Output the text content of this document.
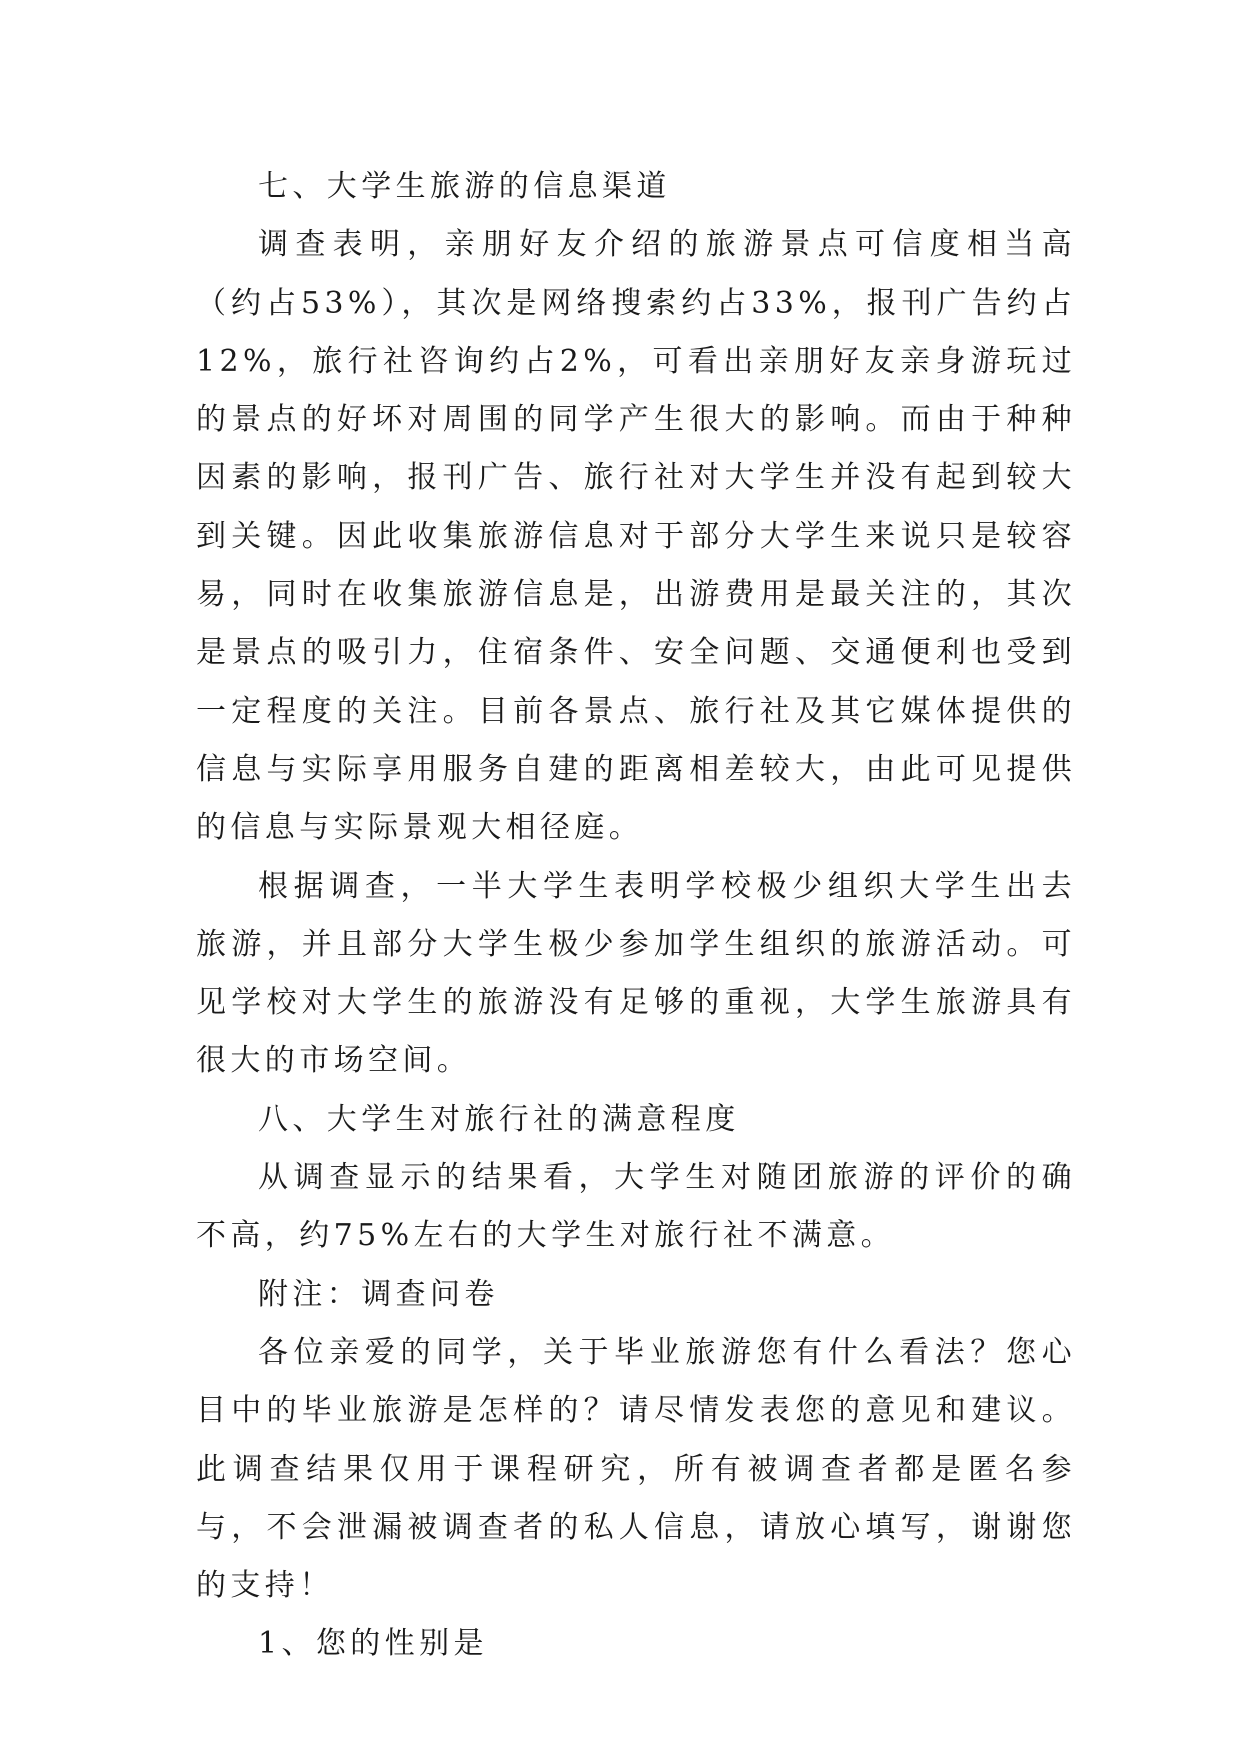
七、大学生旅游的信息渠道

调查表明，亲朋好友介绍的旅游景点可信度相当高（约占53%），其次是网络搜索约占33%，报刊广告约占12%，旅行社咨询约占2%，可看出亲朋好友亲身游玩过的景点的好坏对周围的同学产生很大的影响。而由于种种因素的影响，报刊广告、旅行社对大学生并没有起到较大到关键。因此收集旅游信息对于部分大学生来说只是较容易，同时在收集旅游信息是，出游费用是最关注的，其次是景点的吸引力，住宿条件、安全问题、交通便利也受到一定程度的关注。目前各景点、旅行社及其它媒体提供的信息与实际享用服务自建的距离相差较大，由此可见提供的信息与实际景观大相径庭。

根据调查，一半大学生表明学校极少组织大学生出去旅游，并且部分大学生极少参加学生组织的旅游活动。可见学校对大学生的旅游没有足够的重视，大学生旅游具有很大的市场空间。

八、大学生对旅行社的满意程度

从调查显示的结果看，大学生对随团旅游的评价的确不高，约75%左右的大学生对旅行社不满意。

附注：调查问卷

各位亲爱的同学，关于毕业旅游您有什么看法？您心目中的毕业旅游是怎样的？请尽情发表您的意见和建议。此调查结果仅用于课程研究，所有被调查者都是匿名参与，不会泄漏被调查者的私人信息，请放心填写，谢谢您的支持！

1、您的性别是
